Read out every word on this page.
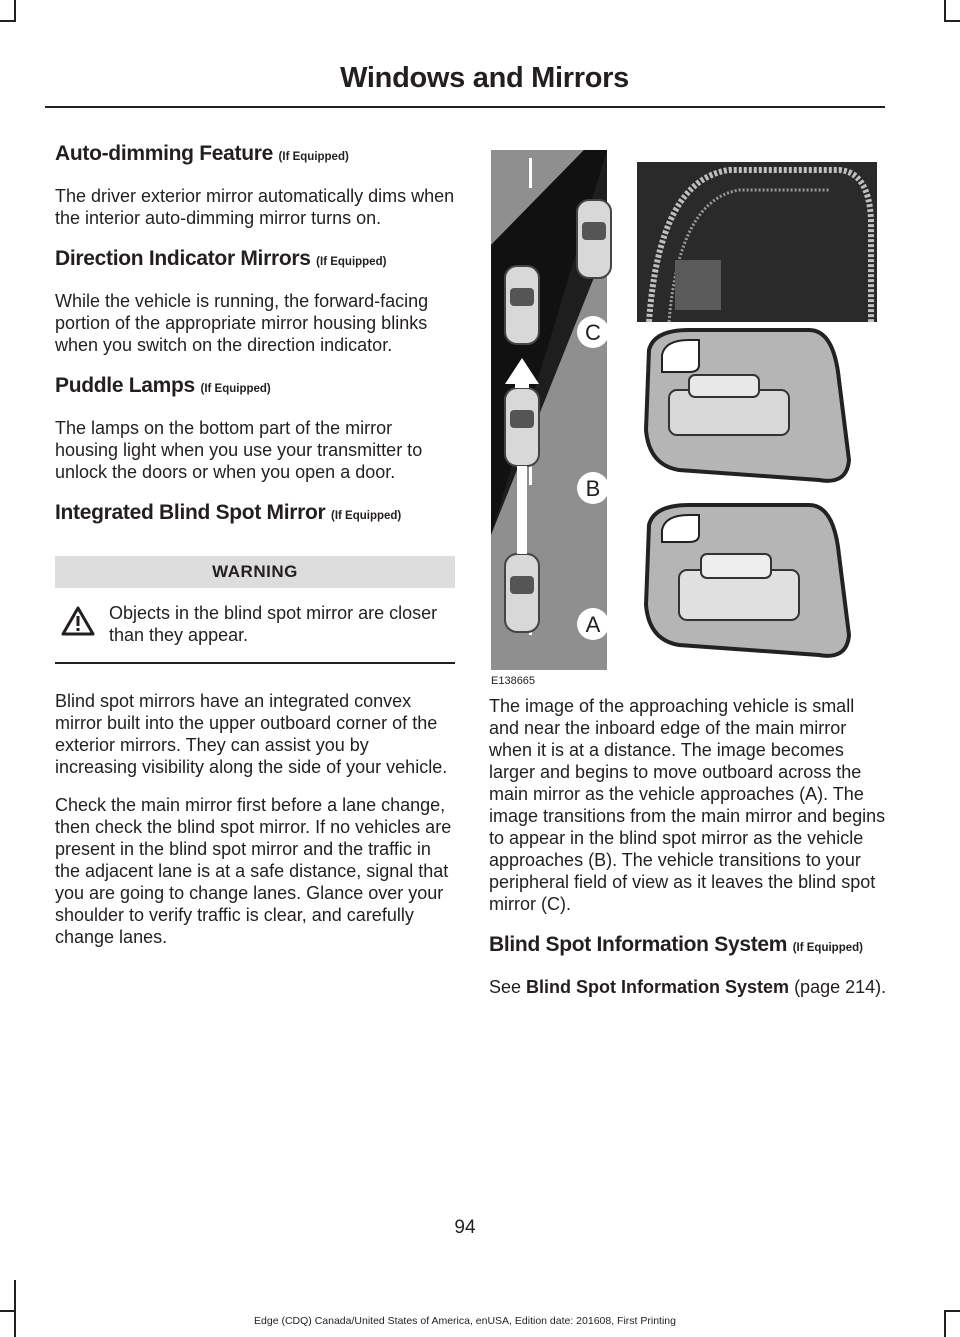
Windows and Mirrors
Auto-dimming Feature (If Equipped)

The driver exterior mirror automatically dims when the interior auto-dimming mirror turns on.

Direction Indicator Mirrors (If Equipped)

While the vehicle is running, the forward-facing portion of the appropriate mirror housing blinks when you switch on the direction indicator.

Puddle Lamps (If Equipped)

The lamps on the bottom part of the mirror housing light when you use your transmitter to unlock the doors or when you open a door.

Integrated Blind Spot Mirror (If Equipped)
WARNING

Objects in the blind spot mirror are closer than they appear.

Blind spot mirrors have an integrated convex mirror built into the upper outboard corner of the exterior mirrors. They can assist you by increasing visibility along the side of your vehicle.

Check the main mirror first before a lane change, then check the blind spot mirror. If no vehicles are present in the blind spot mirror and the traffic in the adjacent lane is at a safe distance, signal that you are going to change lanes. Glance over your shoulder to verify traffic is clear, and carefully change lanes.

C
B
A
E138665

The image of the approaching vehicle is small and near the inboard edge of the main mirror when it is at a distance. The image becomes larger and begins to move outboard across the main mirror as the vehicle approaches (A). The image transitions from the main mirror and begins to appear in the blind spot mirror as the vehicle approaches (B). The vehicle transitions to your peripheral field of view as it leaves the blind spot mirror (C).

Blind Spot Information System (If Equipped)

See Blind Spot Information System (page 214).

94
Edge (CDQ) Canada/United States of America, enUSA, Edition date: 201608, First Printing
